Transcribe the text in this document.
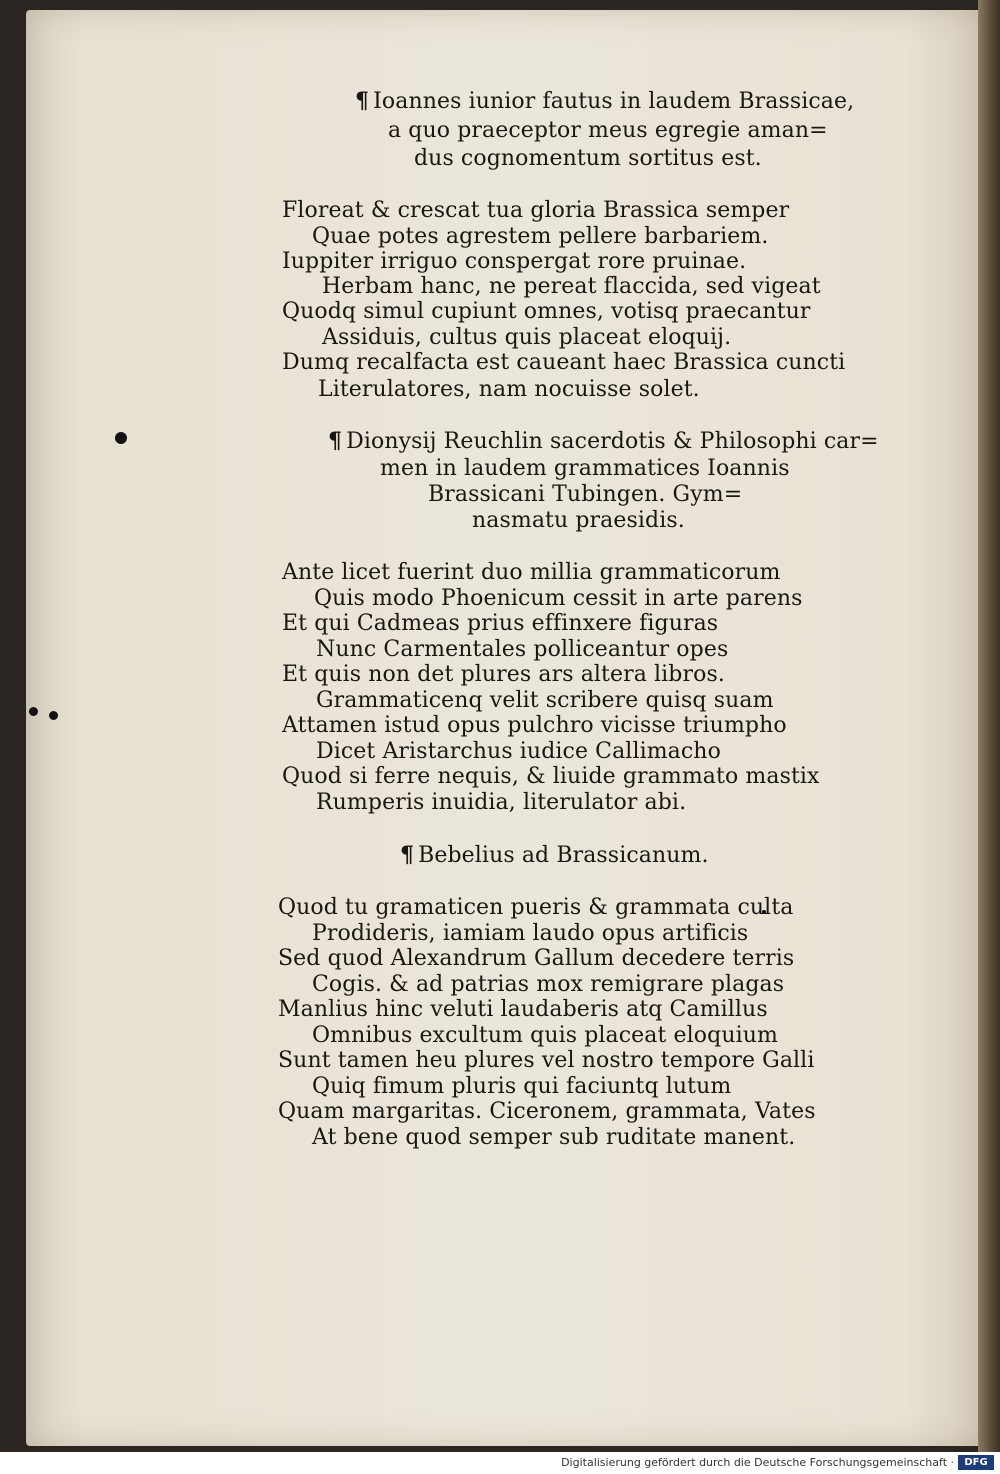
¶ Ioannes iunior fautus in laudem Brassicae,
a quo praeceptor meus egregie aman=
dus cognomentum sortitus est.
Floreat & crescat tua gloria Brassica semper
Quae potes agrestem pellere barbariem.
Iuppiter irriguo conspergat rore pruinae.
Herbam hanc, ne pereat flaccida, sed vigeat
Quodq simul cupiunt omnes, votisq praecantur
Assiduis, cultus quis placeat eloquij.
Dumq recalfacta est caueant haec Brassica cuncti
Literulatores, nam nocuisse solet.
¶ Dionysij Reuchlin sacerdotis & Philosophi car=
men in laudem grammatices Ioannis
Brassicani Tubingen. Gym=
nasmatu praesidis.
Ante licet fuerint duo millia grammaticorum
Quis modo Phoenicum cessit in arte parens
Et qui Cadmeas prius effinxere figuras
Nunc Carmentales polliceantur opes
Et quis non det plures ars altera libros.
Grammaticenq velit scribere quisq suam
Attamen istud opus pulchro vicisse triumpho
Dicet Aristarchus iudice Callimacho
Quod si ferre nequis, & liuide grammato mastix
Rumperis inuidia, literulator abi.
¶ Bebelius ad Brassicanum.
Quod tu gramaticen pueris & grammata culta
Prodideris, iamiam laudo opus artificis
Sed quod Alexandrum Gallum decedere terris
Cogis. & ad patrias mox remigrare plagas
Manlius hinc veluti laudaberis atq Camillus
Omnibus excultum quis placeat eloquium
Sunt tamen heu plures vel nostro tempore Galli
Quiq fimum pluris qui faciuntq lutum
Quam margaritas. Ciceronem, grammata, Vates
At bene quod semper sub ruditate manent.
Digitalisierung gefördert durch die Deutsche Forschungsgemeinschaft ·	DFG
